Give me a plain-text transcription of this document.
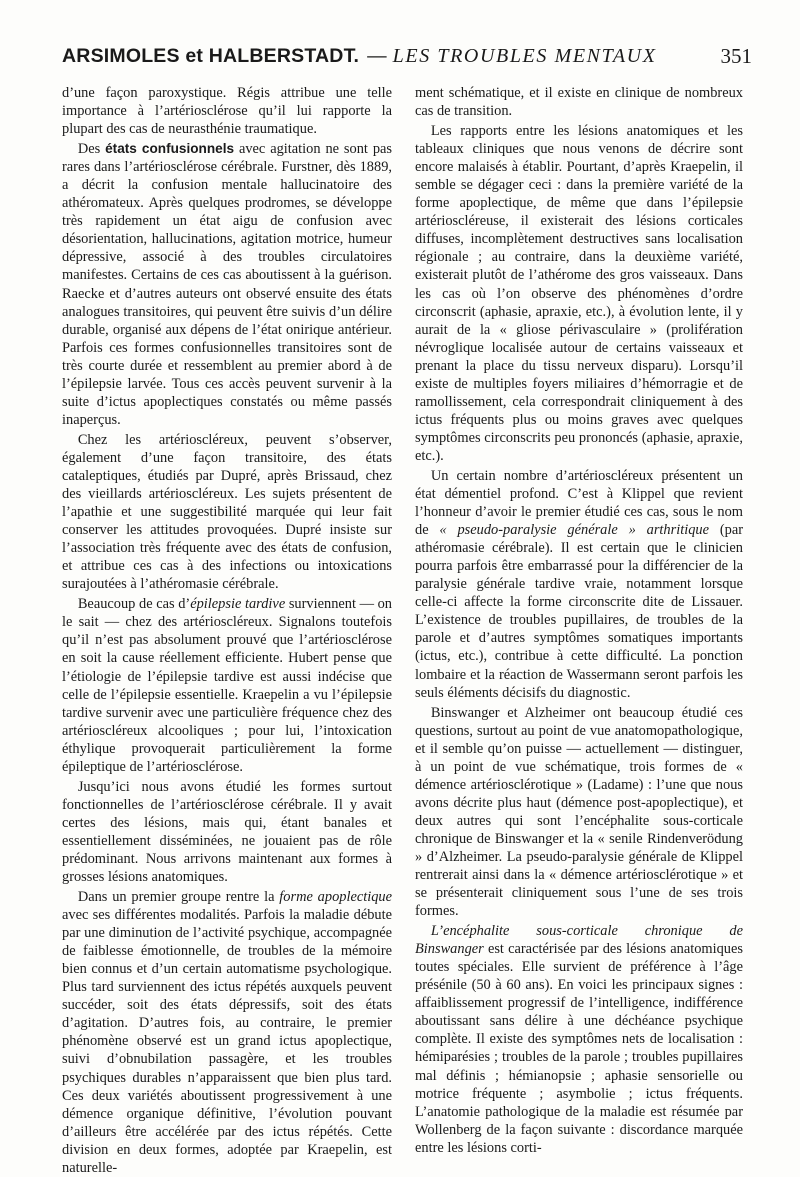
ARSIMOLES et HALBERSTADT. — LES TROUBLES MENTAUX	351

d’une façon paroxystique. Régis attribue une telle importance à l’artériosclérose qu’il lui rapporte la plupart des cas de neurasthénie traumatique.

Des états confusionnels avec agitation ne sont pas rares dans l’artériosclérose cérébrale. Furstner, dès 1889, a décrit la confusion mentale hallucinatoire des athéromateux. Après quelques prodromes, se développe très rapidement un état aigu de confusion avec désorientation, hallucinations, agitation motrice, humeur dépressive, associé à des troubles circulatoires manifestes. Certains de ces cas aboutissent à la guérison. Raecke et d’autres auteurs ont observé ensuite des états analogues transitoires, qui peuvent être suivis d’un délire durable, organisé aux dépens de l’état onirique antérieur. Parfois ces formes confusionnelles transitoires sont de très courte durée et ressemblent au premier abord à de l’épilepsie larvée. Tous ces accès peuvent survenir à la suite d’ictus apoplectiques constatés ou même passés inaperçus.

Chez les artérioscléreux, peuvent s’observer, également d’une façon transitoire, des états cataleptiques, étudiés par Dupré, après Brissaud, chez des vieillards artérioscléreux. Les sujets présentent de l’apathie et une suggestibilité marquée qui leur fait conserver les attitudes provoquées. Dupré insiste sur l’association très fréquente avec des états de confusion, et attribue ces cas à des infections ou intoxications surajoutées à l’athéromasie cérébrale.

Beaucoup de cas d’épilepsie tardive surviennent — on le sait — chez des artérioscléreux. Signalons toutefois qu’il n’est pas absolument prouvé que l’artériosclérose en soit la cause réellement efficiente. Hubert pense que l’étiologie de l’épilepsie tardive est aussi indécise que celle de l’épilepsie essentielle. Kraepelin a vu l’épilepsie tardive survenir avec une particulière fréquence chez des artérioscléreux alcooliques ; pour lui, l’intoxication éthylique provoquerait particulièrement la forme épileptique de l’artériosclérose.

Jusqu’ici nous avons étudié les formes surtout fonctionnelles de l’artériosclérose cérébrale. Il y avait certes des lésions, mais qui, étant banales et essentiellement disséminées, ne jouaient pas de rôle prédominant. Nous arrivons maintenant aux formes à grosses lésions anatomiques.

Dans un premier groupe rentre la forme apoplectique avec ses différentes modalités. Parfois la maladie débute par une diminution de l’activité psychique, accompagnée de faiblesse émotionnelle, de troubles de la mémoire bien connus et d’un certain automatisme psychologique. Plus tard surviennent des ictus répétés auxquels peuvent succéder, soit des états dépressifs, soit des états d’agitation. D’autres fois, au contraire, le premier phénomène observé est un grand ictus apoplectique, suivi d’obnubilation passagère, et les troubles psychiques durables n’apparaissent que bien plus tard. Ces deux variétés aboutissent progressivement à une démence organique définitive, l’évolution pouvant d’ailleurs être accélérée par des ictus répétés. Cette division en deux formes, adoptée par Kraepelin, est naturelle-

ment schématique, et il existe en clinique de nombreux cas de transition.

Les rapports entre les lésions anatomiques et les tableaux cliniques que nous venons de décrire sont encore malaisés à établir. Pourtant, d’après Kraepelin, il semble se dégager ceci : dans la première variété de la forme apoplectique, de même que dans l’épilepsie artérioscléreuse, il existerait des lésions corticales diffuses, incomplètement destructives sans localisation régionale ; au contraire, dans la deuxième variété, existerait plutôt de l’athérome des gros vaisseaux. Dans les cas où l’on observe des phénomènes d’ordre circonscrit (aphasie, apraxie, etc.), à évolution lente, il y aurait de la « gliose périvasculaire » (prolifération névroglique localisée autour de certains vaisseaux et prenant la place du tissu nerveux disparu). Lorsqu’il existe de multiples foyers miliaires d’hémorragie et de ramollissement, cela correspondrait cliniquement à des ictus fréquents plus ou moins graves avec quelques symptômes circonscrits peu prononcés (aphasie, apraxie, etc.).

Un certain nombre d’artérioscléreux présentent un état démentiel profond. C’est à Klippel que revient l’honneur d’avoir le premier étudié ces cas, sous le nom de « pseudo-paralysie générale » arthritique (par athéromasie cérébrale). Il est certain que le clinicien pourra parfois être embarrassé pour la différencier de la paralysie générale tardive vraie, notamment lorsque celle-ci affecte la forme circonscrite dite de Lissauer. L’existence de troubles pupillaires, de troubles de la parole et d’autres symptômes somatiques importants (ictus, etc.), contribue à cette difficulté. La ponction lombaire et la réaction de Wassermann seront parfois les seuls éléments décisifs du diagnostic.

Binswanger et Alzheimer ont beaucoup étudié ces questions, surtout au point de vue anatomopathologique, et il semble qu’on puisse — actuellement — distinguer, à un point de vue schématique, trois formes de « démence artériosclérotique » (Ladame) : l’une que nous avons décrite plus haut (démence post-apoplectique), et deux autres qui sont l’encéphalite sous-corticale chronique de Binswanger et la « senile Rindenverödung » d’Alzheimer. La pseudo-paralysie générale de Klippel rentrerait ainsi dans la « démence artériosclérotique » et se présenterait cliniquement sous l’une de ses trois formes.

L’encéphalite sous-corticale chronique de Binswanger est caractérisée par des lésions anatomiques toutes spéciales. Elle survient de préférence à l’âge présénile (50 à 60 ans). En voici les principaux signes : affaiblissement progressif de l’intelligence, indifférence aboutissant sans délire à une déchéance psychique complète. Il existe des symptômes nets de localisation : hémiparésies ; troubles de la parole ; troubles pupillaires mal définis ; hémianopsie ; aphasie sensorielle ou motrice fréquente ; asymbolie ; ictus fréquents. L’anatomie pathologique de la maladie est résumée par Wollenberg de la façon suivante : discordance marquée entre les lésions corti-
